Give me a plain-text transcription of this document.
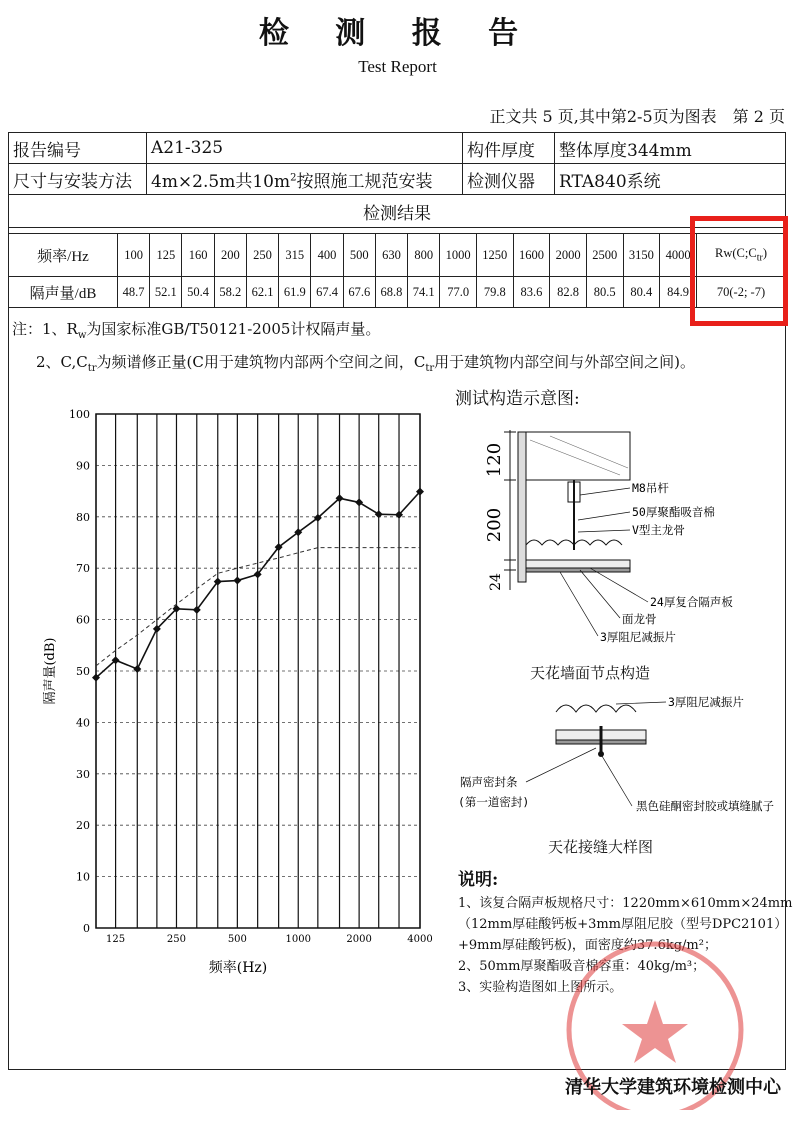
检 测 报 告
Test Report
正文共 5 页,其中第2-5页为图表　第 2 页
报告编号	A21-325	构件厚度	整体厚度344mm
尺寸与安装方法	4m×2.5m共$10m^2$按照施工规范安装	检测仪器	RTA840系统
检测结果			
频率/Hz	100	125	160	200	250	315	400	500	630	800	1000	1250	1600	2000	2500	3150	4000	$Rw(C;C_{tr})$
隔声量/dB	48.7	52.1	50.4	58.2	62.1	61.9	67.4	67.6	68.8	74.1	77.0	79.8	83.6	82.8	80.5	80.4	84.9	70(-2; -7)
注：1、$R_w$为国家标准GB/T50121-2005计权隔声量。
2、$C,C_{tr}$为频谱修正量(C用于建筑物内部两个空间之间，$C_{tr}$用于建筑物内部空间与外部空间之间)。
0
10
20
30
40
50
60
70
80
90
100
125	250	500	1000	2000	4000
隔声量(dB)
频率(Hz)
测试构造示意图:
120
200
24
M8吊杆
50厚聚酯吸音棉
V型主龙骨
24厚复合隔声板
面龙骨
3厚阻尼减振片
天花墙面节点构造
3厚阻尼减振片
隔声密封条
(第一道密封)	黑色硅酮密封胶或填缝腻子
天花接缝大样图
说明:
1、该复合隔声板规格尺寸：1220mm×610mm×24mm
（12mm厚硅酸钙板+3mm厚阻尼胶（型号DPC2101）
+9mm厚硅酸钙板)，面密度约37.6kg/m²；
2、50mm厚聚酯吸音棉容重：40kg/m³；
3、实验构造图如上图所示。
清华大学建筑环境检测中心
